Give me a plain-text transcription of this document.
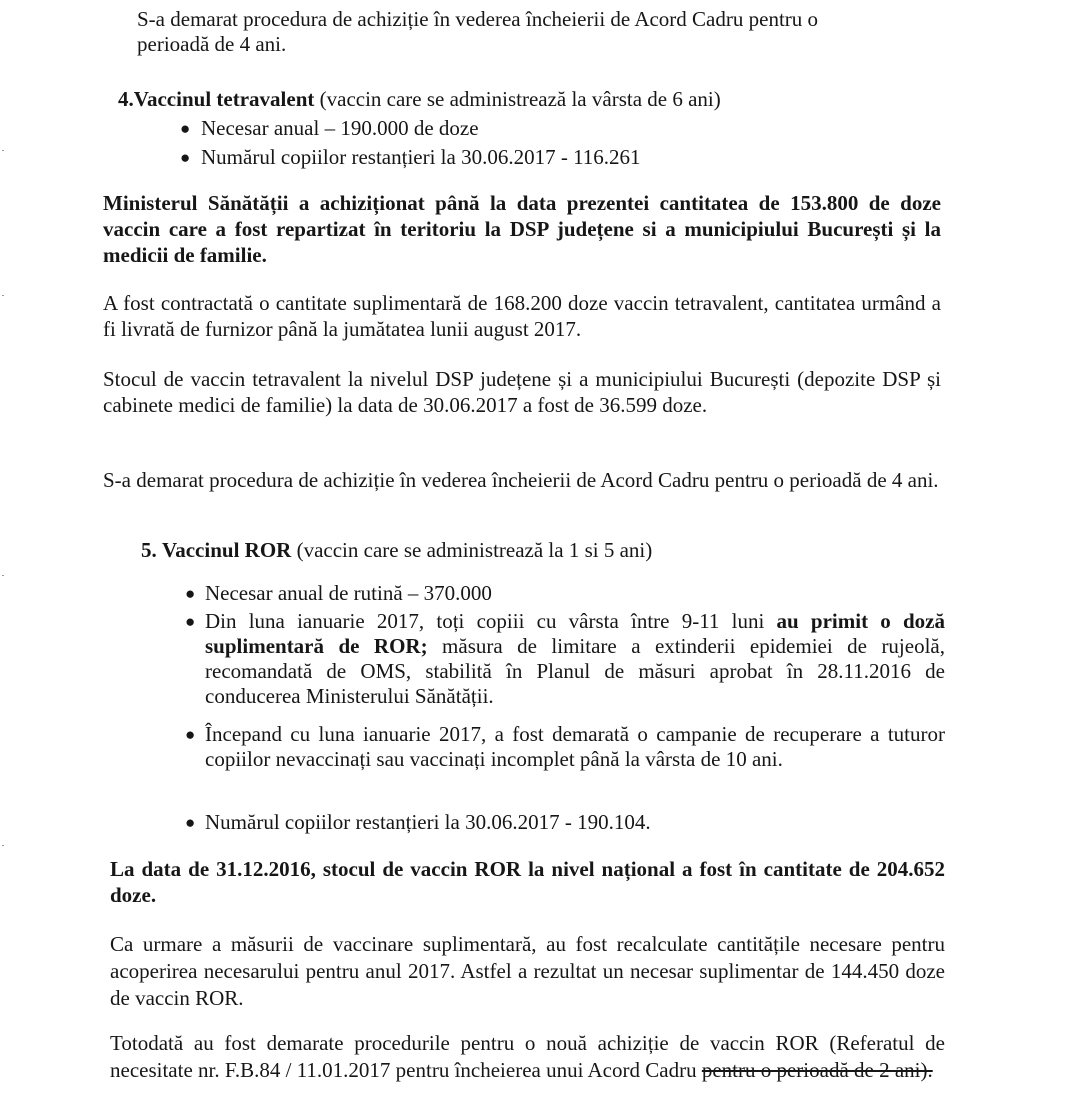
S-a demarat procedura de achiziție în vederea încheierii de Acord Cadru pentru o
perioadă de 4 ani.
4.Vaccinul tetravalent (vaccin care se administrează la vârsta de 6 ani)
● Necesar anual – 190.000 de doze
● Numărul copiilor restanțieri la 30.06.2017 - 116.261
Ministerul Sănătății a achiziționat până la data prezentei cantitatea de 153.800 de doze vaccin care a fost repartizat în teritoriu la DSP județene si a municipiului București și la medicii de familie.
A fost contractată o cantitate suplimentară de 168.200 doze vaccin tetravalent, cantitatea urmând a fi livrată de furnizor până la jumătatea lunii august 2017.
Stocul de vaccin tetravalent la nivelul DSP județene și a municipiului București (depozite DSP și cabinete medici de familie) la data de 30.06.2017 a fost de 36.599 doze.
S-a demarat procedura de achiziție în vederea încheierii de Acord Cadru pentru o perioadă de 4 ani.
5. Vaccinul ROR (vaccin care se administrează la 1 si 5 ani)
● Necesar anual de rutină – 370.000
● Din luna ianuarie 2017, toți copiii cu vârsta între 9-11 luni au primit o doză suplimentară de ROR; măsura de limitare a extinderii epidemiei de rujeolă, recomandată de OMS, stabilită în Planul de măsuri aprobat în 28.11.2016 de conducerea Ministerului Sănătății.
● Începand cu luna ianuarie 2017, a fost demarată o campanie de recuperare a tuturor copiilor nevaccinați sau vaccinați incomplet până la vârsta de 10 ani.
● Numărul copiilor restanțieri la 30.06.2017 - 190.104.
La data de 31.12.2016, stocul de vaccin ROR la nivel național a fost în cantitate de 204.652 doze.
Ca urmare a măsurii de vaccinare suplimentară, au fost recalculate cantitățile necesare pentru acoperirea necesarului pentru anul 2017. Astfel a rezultat un necesar suplimentar de 144.450 doze de vaccin ROR.
Totodată au fost demarate procedurile pentru o nouă achiziție de vaccin ROR (Referatul de necesitate nr. F.B.84 / 11.01.2017 pentru încheierea unui Acord Cadru pentru o perioadă de 2 ani).
